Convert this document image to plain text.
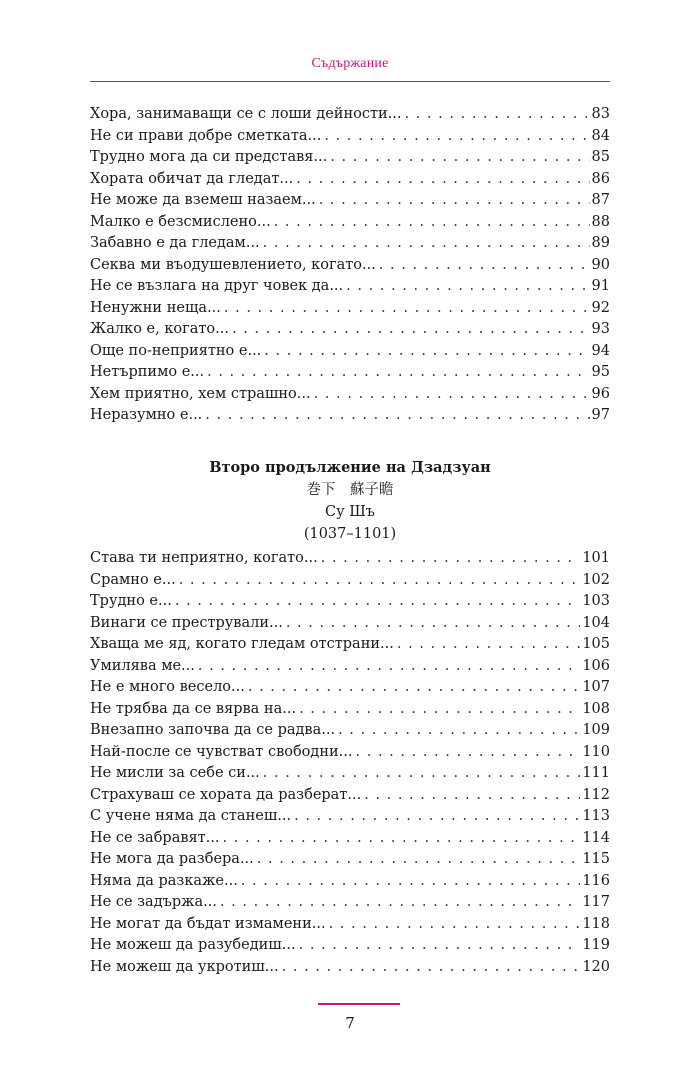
Съдържание
Хора, занимаващи се с лоши дейности... . . .	83
Не си прави добре сметката... . . .	84
Трудно мога да си представя... . . .	85
Хората обичат да гледат... . . .	86
Не може да вземеш назаем... . . .	87
Малко е безсмислено... . . .	88
Забавно е да гледам... . . .	89
Секва ми въодушевлението, когато... . . .	90
Не се възлага на друг човек да... . . .	91
Ненужни неща... . . .	92
Жалко е, когато... . . .	93
Още по-неприятно е... . . .	94
Нетърпимо е... . . .	95
Хем приятно, хем страшно... . . .	96
Неразумно е... . . .	97
Второ продължение на Дзадзуан
巻下　蘇子瞻
Су Шъ
(1037–1101)
Става ти неприятно, когато... . . .	101
Срамно е... . . .	102
Трудно е... . . .	103
Винаги се престрували... . . .	104
Хваща ме яд, когато гледам отстрани... . . .	105
Умилява ме... . . .	106
Не е много весело... . . .	107
Не трябва да се вярва на... . . .	108
Внезапно започва да се радва... . . .	109
Най-после се чувстват свободни... . . .	110
Не мисли за себе си... . . .	111
Страхуваш се хората да разберат... . . .	112
С учене няма да станеш... . . .	113
Не се забравят... . . .	114
Не мога да разбера... . . .	115
Няма да разкаже... . . .	116
Не се задържа... . . .	117
Не могат да бъдат измамени... . . .	118
Не можеш да разубедиш... . . .	119
Не можеш да укротиш... . . .	120
7
